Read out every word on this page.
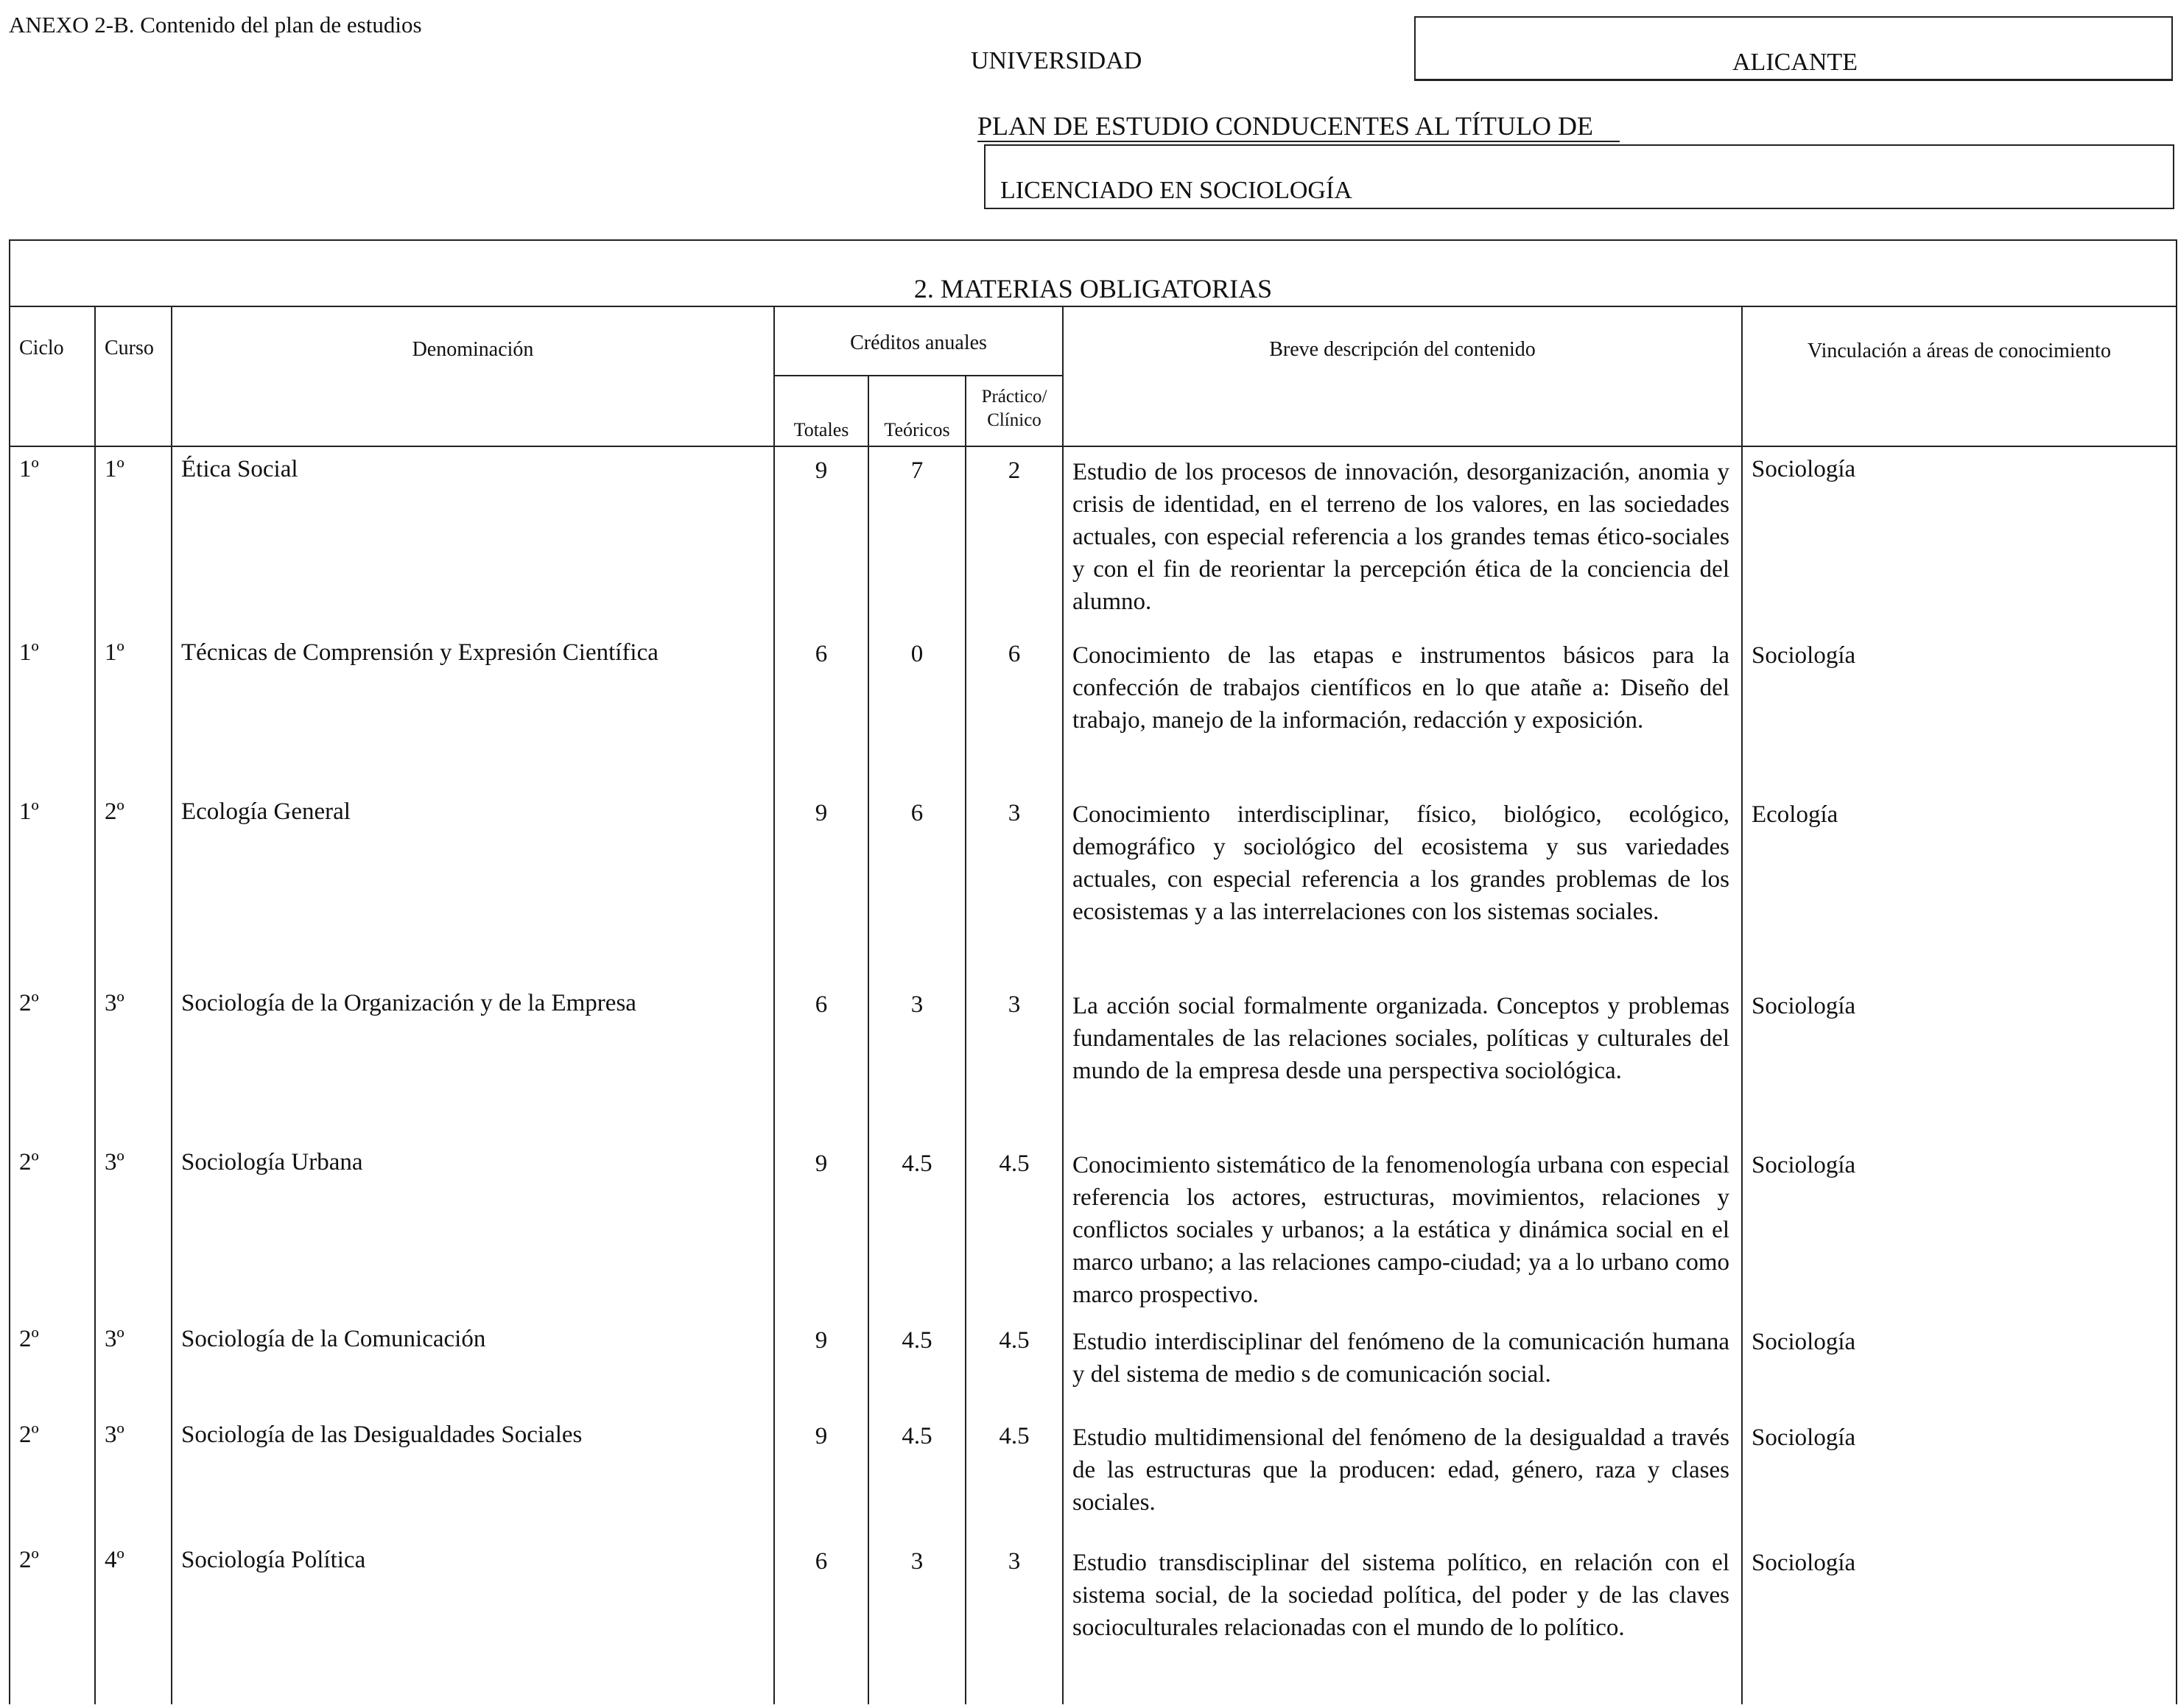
ANEXO 2-B. Contenido del plan de estudios
UNIVERSIDAD	ALICANTE
PLAN DE ESTUDIO CONDUCENTES AL TÍTULO DE
LICENCIADO EN SOCIOLOGÍA
2. MATERIAS OBLIGATORIAS							
Ciclo	Curso	Denominación	Créditos anuales			Breve descripción del contenido	Vinculación a áreas de conocimiento
			Totales	Teóricos	Práctico/ Clínico		
1º	1º	Ética Social	9	7	2	Estudio de los procesos de innovación, desorganización, anomia y crisis de identidad, en el terreno de los valores, en las sociedades actuales, con especial referencia a los grandes temas ético-sociales y con el fin de reorientar la percepción ética de la conciencia del alumno.	Sociología
1º	1º	Técnicas de Comprensión y Expresión Científica	6	0	6	Conocimiento de las etapas e instrumentos básicos para la confección de trabajos científicos en lo que atañe a: Diseño del trabajo, manejo de la información, redacción y exposición.	Sociología
1º	2º	Ecología General	9	6	3	Conocimiento interdisciplinar, físico, biológico, ecológico, demográfico y sociológico del ecosistema y sus variedades actuales, con especial referencia a los grandes problemas de los ecosistemas y a las interrelaciones con los sistemas sociales.	Ecología
2º	3º	Sociología de la Organización y de la Empresa	6	3	3	La acción social formalmente organizada. Conceptos y problemas fundamentales de las relaciones sociales, políticas y culturales del mundo de la empresa desde una perspectiva sociológica.	Sociología
2º	3º	Sociología Urbana	9	4.5	4.5	Conocimiento sistemático de la fenomenología urbana con especial referencia los actores, estructuras, movimientos, relaciones y conflictos sociales y urbanos; a la estática y dinámica social en el marco urbano; a las relaciones campo-ciudad; ya a lo urbano como marco prospectivo.	Sociología
2º	3º	Sociología de la Comunicación	9	4.5	4.5	Estudio interdisciplinar del fenómeno de la comunicación humana y del sistema de medio s de comunicación social.	Sociología
2º	3º	Sociología de las Desigualdades Sociales	9	4.5	4.5	Estudio multidimensional del fenómeno de la desigualdad a través de las estructuras que la producen: edad, género, raza y clases sociales.	Sociología
2º	4º	Sociología Política	6	3	3	Estudio transdisciplinar del sistema político, en relación con el sistema social, de la sociedad política, del poder y de las claves socioculturales relacionadas con el mundo de lo político.	Sociología
